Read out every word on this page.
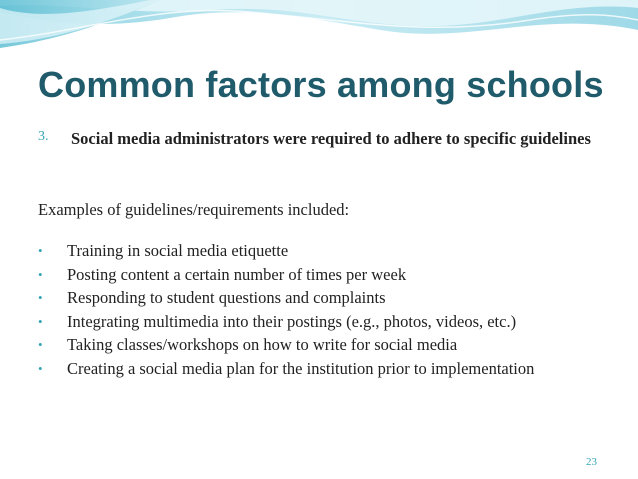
Common factors among schools
3. Social media administrators were required to adhere to specific guidelines
Examples of guidelines/requirements included:
• Training in social media etiquette
• Posting content a certain number of times per week
• Responding to student questions and complaints
• Integrating multimedia into their postings (e.g., photos, videos, etc.)
• Taking classes/workshops on how to write for social media
• Creating a social media plan for the institution prior to implementation
23
